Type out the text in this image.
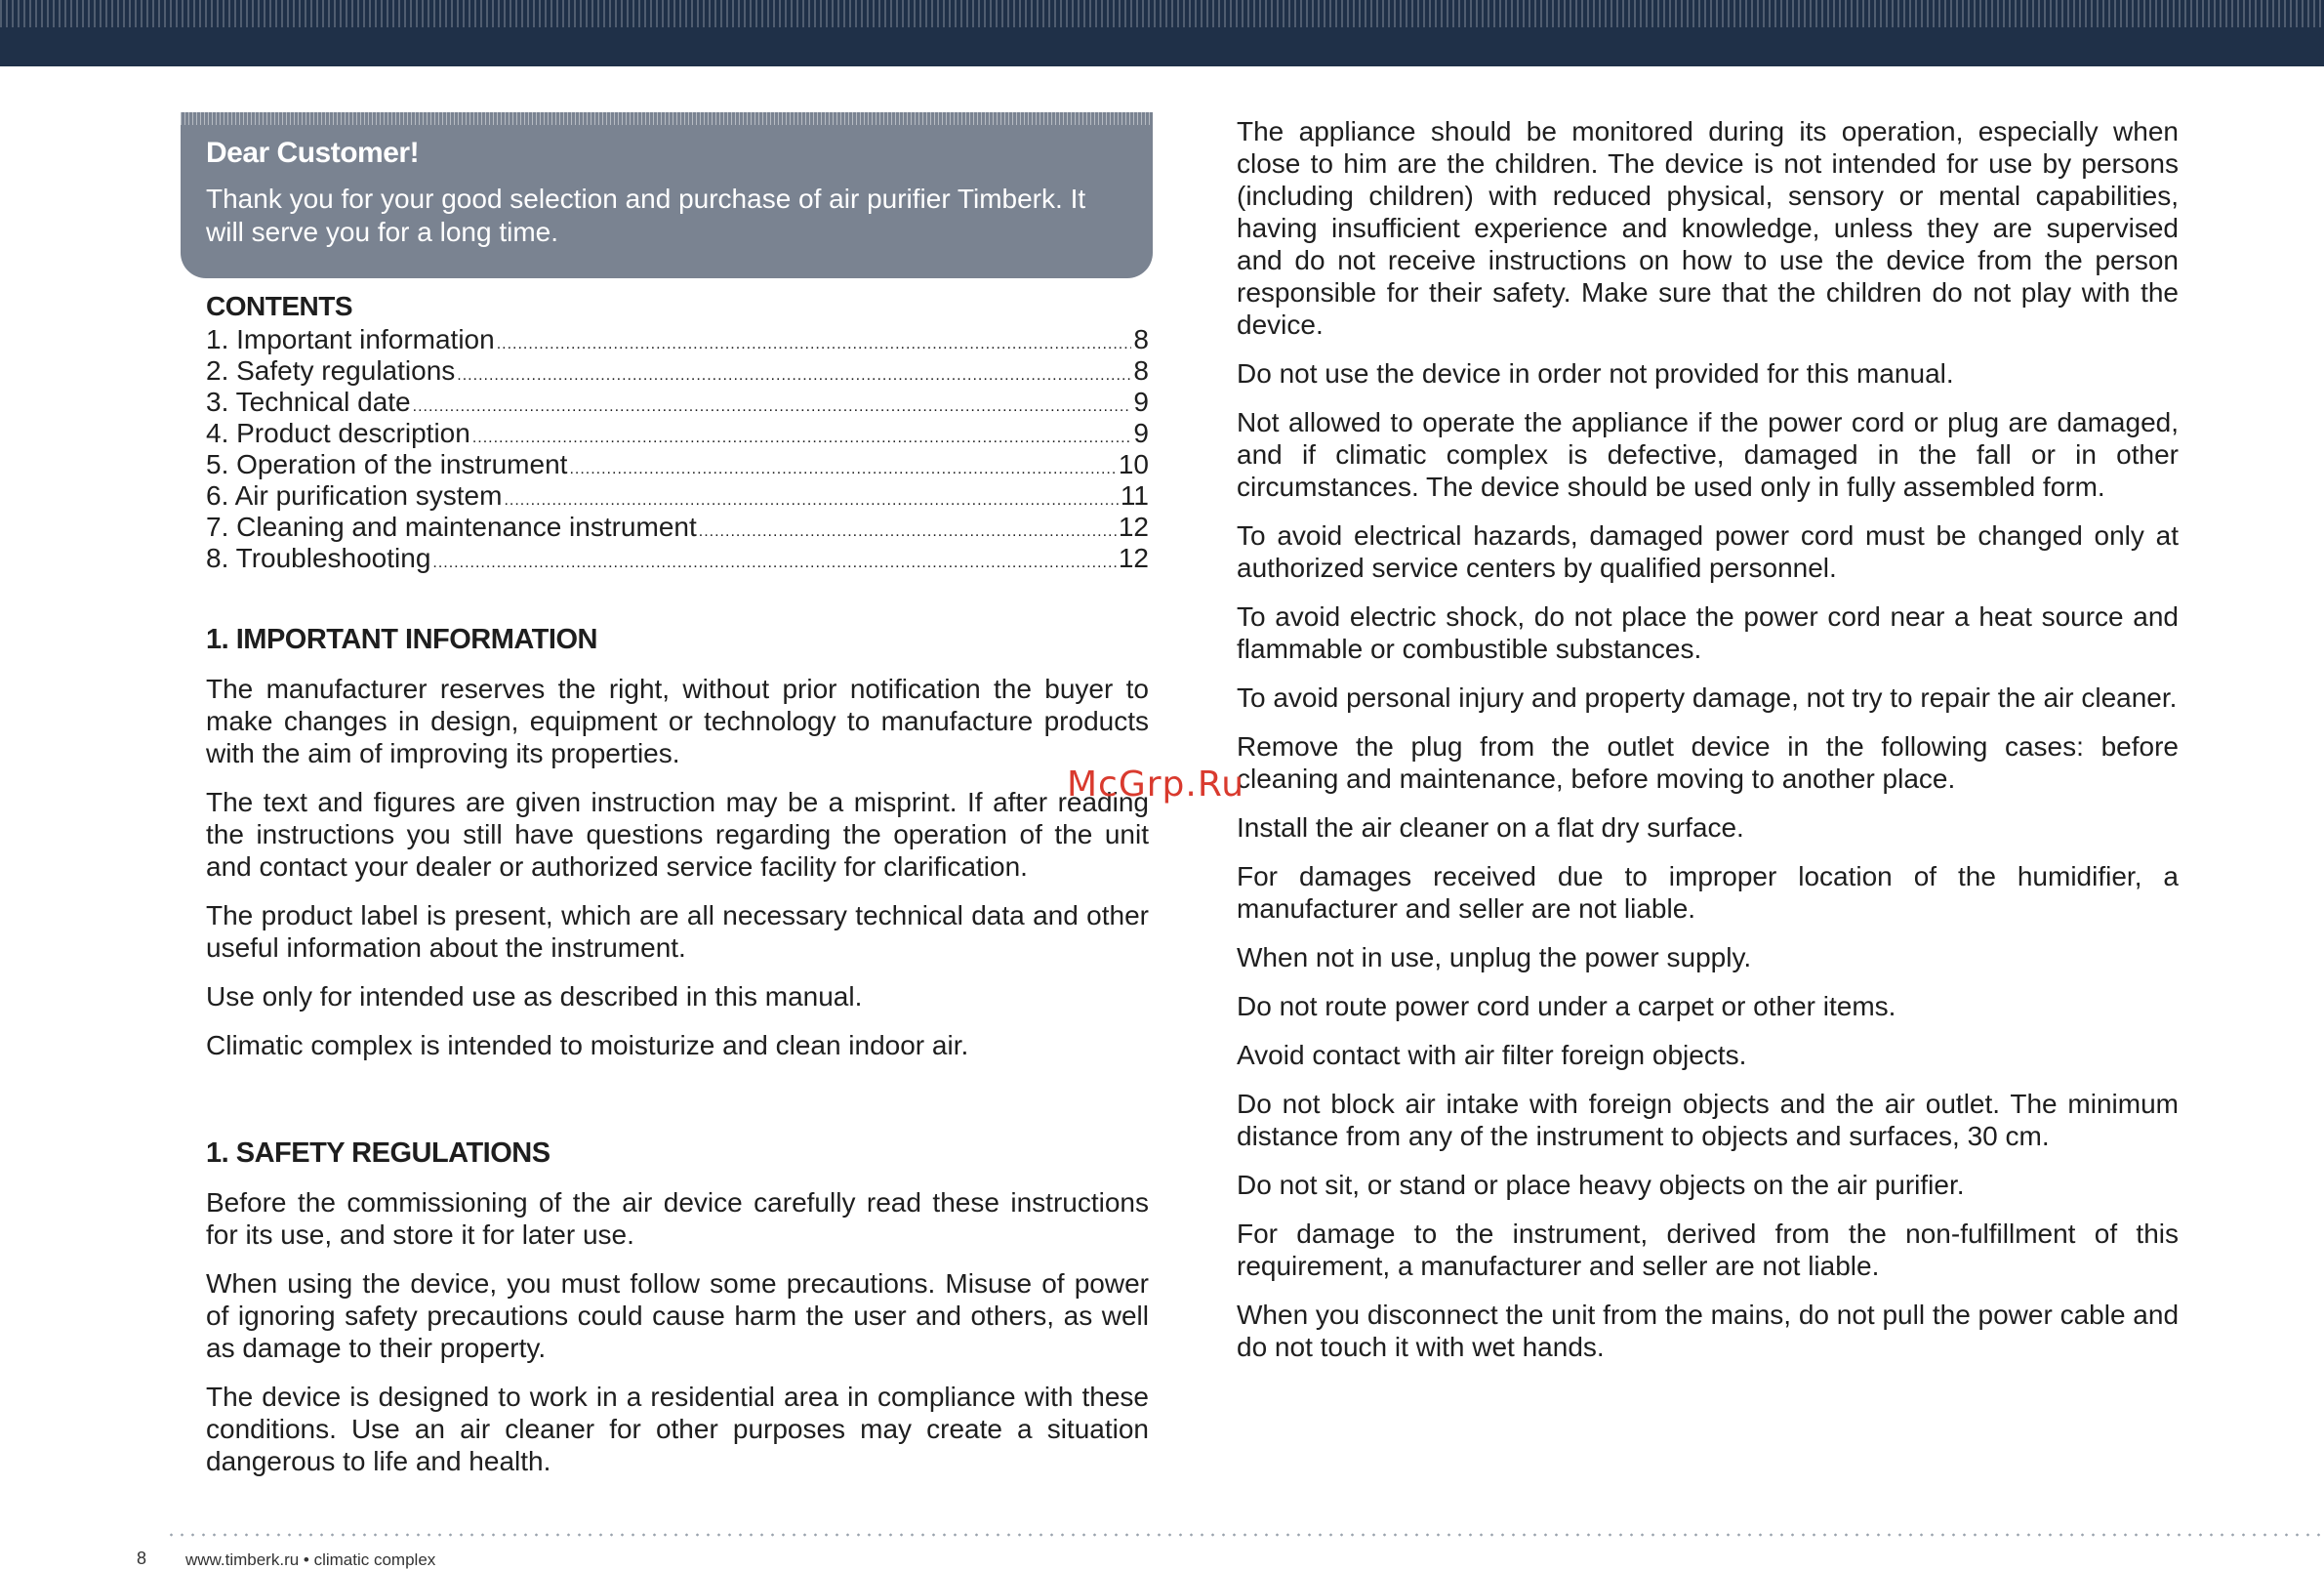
Dear Customer!
Thank you for your good selection and purchase of air purifier Timberk. It will serve you for a long time.
CONTENTS
1. Important information .....	8
2. Safety regulations .....	8
3. Technical date .....	9
4. Product description .....	9
5. Operation of the instrument .....	10
6. Air purification system .....	11
7. Cleaning and maintenance instrument .....	12
8. Troubleshooting .....	12
1. IMPORTANT INFORMATION

The manufacturer reserves the right, without prior notification the buyer to make changes in design, equipment or technology to manufacture products with the aim of improving its properties.

The text and figures are given instruction may be a misprint. If after reading the instructions you still have questions regarding the operation of the unit and contact your dealer or authorized service facility for clarification.

The product label is present, which are all necessary technical data and other useful information about the instrument.

Use only for intended use as described in this manual.

Climatic complex is intended to moisturize and clean indoor air.

1. SAFETY REGULATIONS

Before the commissioning of the air device carefully read these instructions for its use, and store it for later use.

When using the device, you must follow some precautions. Misuse of power of ignoring safety precautions could cause harm the user and others, as well as damage to their property.

The device is designed to work in a residential area in compliance with these conditions. Use an air cleaner for other purposes may create a situation dangerous to life and health.

The appliance should be monitored during its operation, especially when close to him are the children. The device is not intended for use by persons (including children) with reduced physical, sensory or mental capabilities, having insufficient experience and knowledge, unless they are supervised and do not receive instructions on how to use the device from the person responsible for their safety. Make sure that the children do not play with the device.

Do not use the device in order not provided for this manual.

Not allowed to operate the appliance if the power cord or plug are damaged, and if climatic complex is defective, damaged in the fall or in other circumstances. The device should be used only in fully assembled form.

To avoid electrical hazards, damaged power cord must be changed only at authorized service centers by qualified personnel.

To avoid electric shock, do not place the power cord near a heat source and flammable or combustible substances.

To avoid personal injury and property damage, not try to repair the air cleaner.

Remove the plug from the outlet device in the following cases: before cleaning and maintenance, before moving to another place.

Install the air cleaner on a flat dry surface.

For damages received due to improper location of the humidifier, a manufacturer and seller are not liable.

When not in use, unplug the power supply.

Do not route power cord under a carpet or other items.

Avoid contact with air filter foreign objects.

Do not block air intake with foreign objects and the air outlet. The minimum distance from any of the instrument to objects and surfaces, 30 cm.

Do not sit, or stand or place heavy objects on the air purifier.

For damage to the instrument, derived from the non-fulfillment of this requirement, a manufacturer and seller are not liable.

When you disconnect the unit from the mains, do not pull the power cable and do not touch it with wet hands.

McGrp.Ru
8 www.timberk.ru • climatic complex
